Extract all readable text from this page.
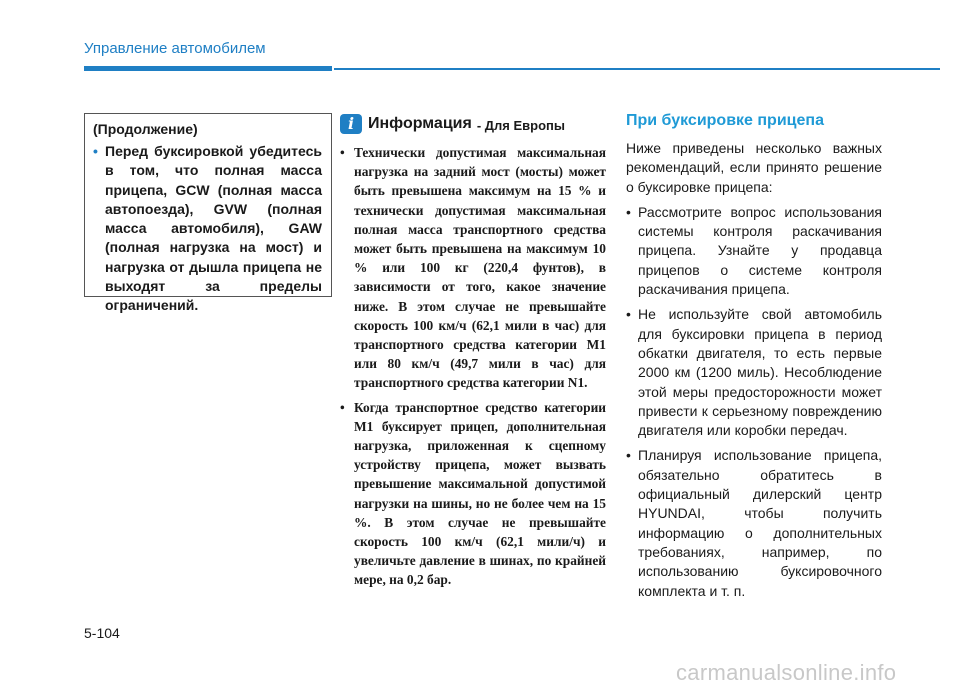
Управление автомобилем
(Продолжение)
• Перед буксировкой убедитесь в том, что полная масса прицепа, GCW (полная масса автопоезда), GVW (полная масса автомобиля), GAW (полная нагрузка на мост) и нагрузка от дышла прицепа не выходят за пределы ограничений.
i Информация - Для Европы
• Технически допустимая максимальная нагрузка на задний мост (мосты) может быть превышена максимум на 15 % и технически допустимая максимальная полная масса транспортного средства может быть превышена на максимум 10 % или 100 кг (220,4 фунтов), в зависимости от того, какое значение ниже. В этом случае не превышайте скорость 100 км/ч (62,1 мили в час) для транспортного средства категории M1 или 80 км/ч (49,7 мили в час) для транспортного средства категории N1.
• Когда транспортное средство категории M1 буксирует прицеп, дополнительная нагрузка, приложенная к сцепному устройству прицепа, может вызвать превышение максимальной допустимой нагрузки на шины, но не более чем на 15 %. В этом случае не превышайте скорость 100 км/ч (62,1 мили/ч) и увеличьте давление в шинах, по крайней мере, на 0,2 бар.
При буксировке прицепа

Ниже приведены несколько важных рекомендаций, если принято решение о буксировке прицепа:

• Рассмотрите вопрос использования системы контроля раскачивания прицепа. Узнайте у продавца прицепов о системе контроля раскачивания прицепа.
• Не используйте свой автомобиль для буксировки прицепа в период обкатки двигателя, то есть первые 2000 км (1200 миль). Несоблюдение этой меры предосторожности может привести к серьезному повреждению двигателя или коробки передач.
• Планируя использование прицепа, обязательно обратитесь в официальный дилерский центр HYUNDAI, чтобы получить информацию о дополнительных требованиях, например, по использованию буксировочного комплекта и т. п.
5-104
carmanualsonline.info
